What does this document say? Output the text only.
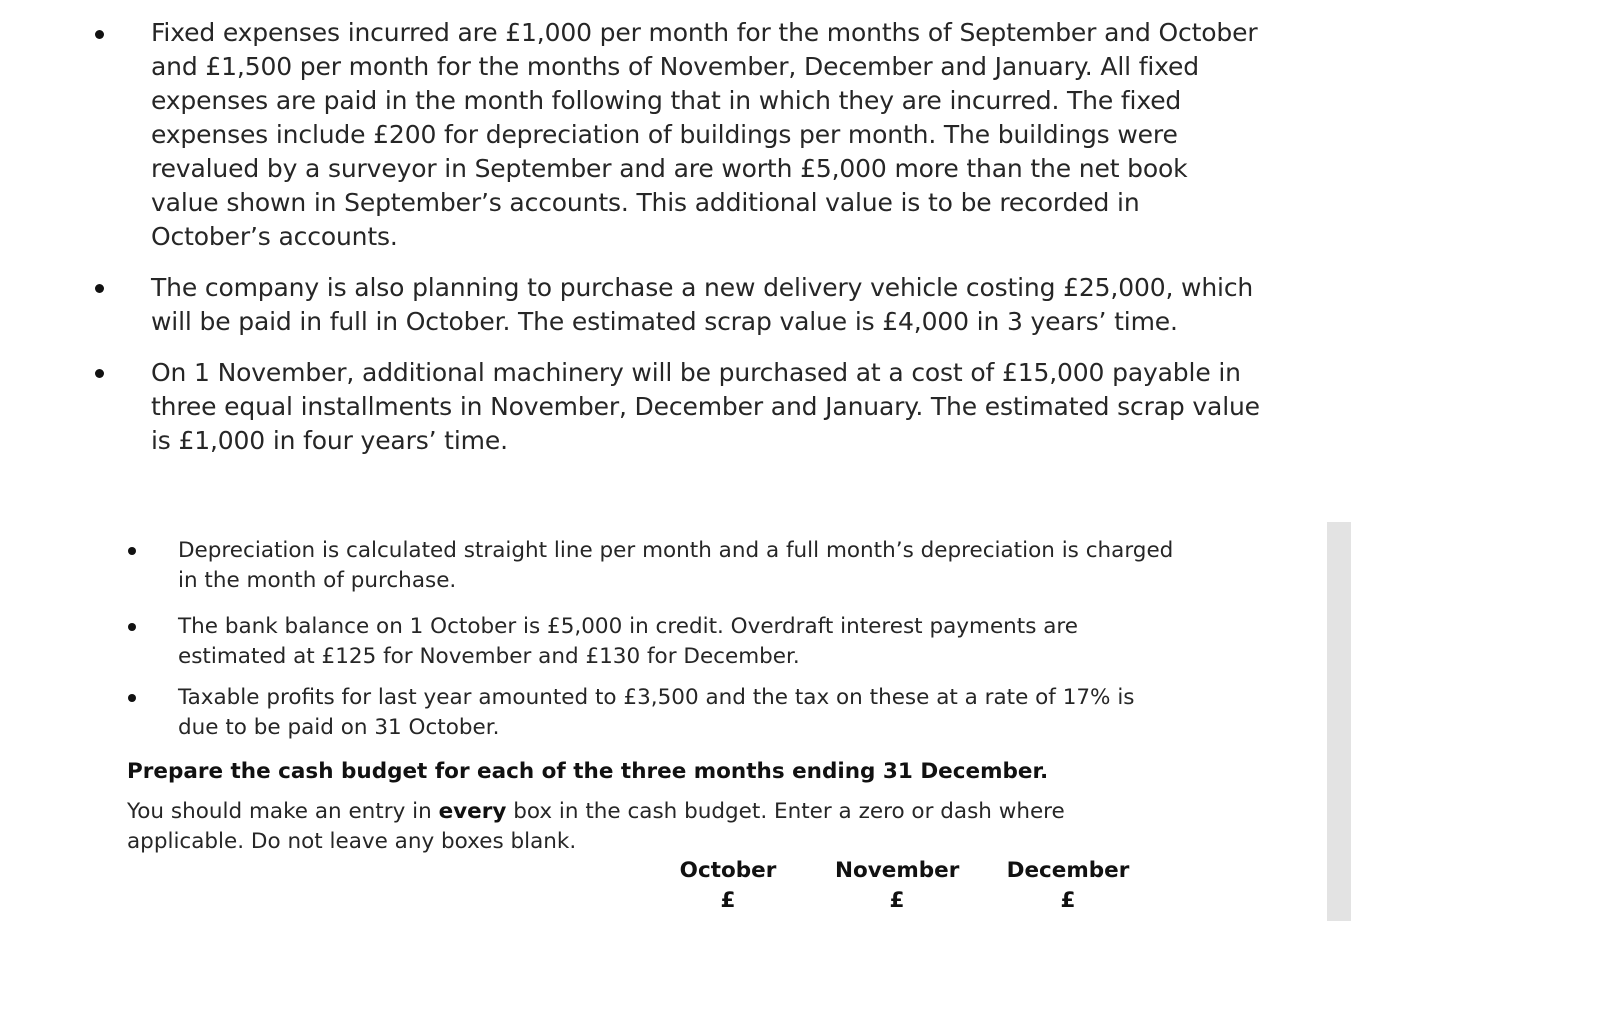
Fixed expenses incurred are £1,000 per month for the months of September and October and £1,500 per month for the months of November, December and January. All fixed expenses are paid in the month following that in which they are incurred. The fixed expenses include £200 for depreciation of buildings per month. The buildings were revalued by a surveyor in September and are worth £5,000 more than the net book value shown in September’s accounts. This additional value is to be recorded in October’s accounts.
The company is also planning to purchase a new delivery vehicle costing £25,000, which will be paid in full in October. The estimated scrap value is £4,000 in 3 years’ time.
On 1 November, additional machinery will be purchased at a cost of £15,000 payable in three equal installments in November, December and January. The estimated scrap value is £1,000 in four years’ time.
Depreciation is calculated straight line per month and a full month’s depreciation is charged in the month of purchase.
The bank balance on 1 October is £5,000 in credit. Overdraft interest payments are estimated at £125 for November and £130 for December.
Taxable profits for last year amounted to £3,500 and the tax on these at a rate of 17% is due to be paid on 31 October.
Prepare the cash budget for each of the three months ending 31 December.
You should make an entry in every box in the cash budget. Enter a zero or dash where applicable. Do not leave any boxes blank.
October
£
November
£
December
£
